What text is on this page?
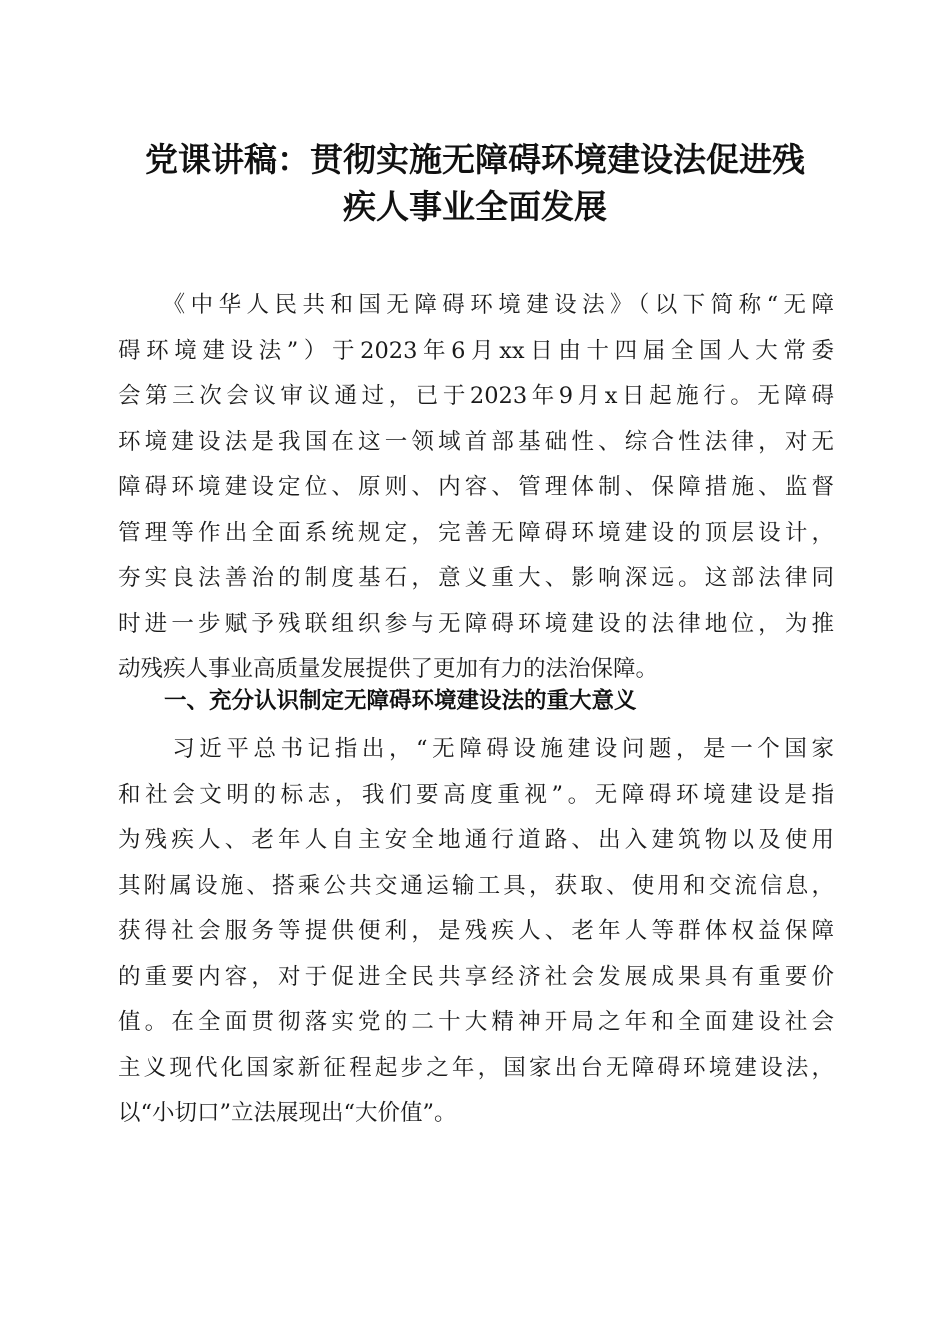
党课讲稿：贯彻实施无障碍环境建设法促进残
疾人事业全面发展
　　《中华人民共和国无障碍环境建设法》（以下简称“无障
碍环境建设法”）于2023年6月xx日由十四届全国人大常委
会第三次会议审议通过，已于2023年9月x日起施行。无障碍
环境建设法是我国在这一领域首部基础性、综合性法律，对无
障碍环境建设定位、原则、内容、管理体制、保障措施、监督
管理等作出全面系统规定，完善无障碍环境建设的顶层设计，
夯实良法善治的制度基石，意义重大、影响深远。这部法律同
时进一步赋予残联组织参与无障碍环境建设的法律地位，为推
动残疾人事业高质量发展提供了更加有力的法治保障。
一、充分认识制定无障碍环境建设法的重大意义
　　习近平总书记指出，“无障碍设施建设问题，是一个国家
和社会文明的标志，我们要高度重视”。无障碍环境建设是指
为残疾人、老年人自主安全地通行道路、出入建筑物以及使用
其附属设施、搭乘公共交通运输工具，获取、使用和交流信息，
获得社会服务等提供便利，是残疾人、老年人等群体权益保障
的重要内容，对于促进全民共享经济社会发展成果具有重要价
值。在全面贯彻落实党的二十大精神开局之年和全面建设社会
主义现代化国家新征程起步之年，国家出台无障碍环境建设法，
以“小切口”立法展现出“大价值”。
